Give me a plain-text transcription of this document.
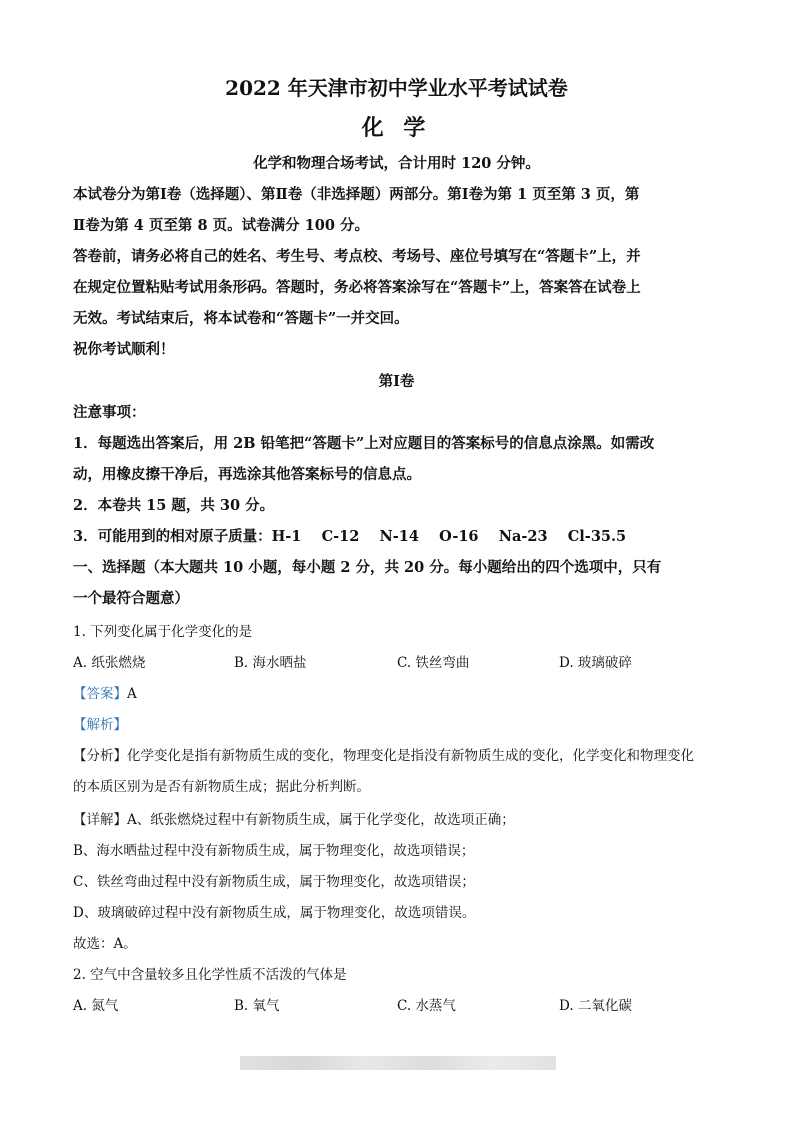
2022 年天津市初中学业水平考试试卷
化 学
化学和物理合场考试，合计用时 120 分钟。
本试卷分为第Ⅰ卷（选择题）、第Ⅱ卷（非选择题）两部分。第Ⅰ卷为第 1 页至第 3 页，第
Ⅱ卷为第 4 页至第 8 页。试卷满分 100 分。
答卷前，请务必将自己的姓名、考生号、考点校、考场号、座位号填写在“答题卡”上，并
在规定位置粘贴考试用条形码。答题时，务必将答案涂写在“答题卡”上，答案答在试卷上
无效。考试结束后，将本试卷和“答题卡”一并交回。
祝你考试顺利！
第Ⅰ卷
注意事项：
1．每题选出答案后，用 2B 铅笔把“答题卡”上对应题目的答案标号的信息点涂黑。如需改
动，用橡皮擦干净后，再选涂其他答案标号的信息点。
2．本卷共 15 题，共 30 分。
3．可能用到的相对原子质量：H-1    C-12    N-14    O-16    Na-23    Cl-35.5
一、选择题（本大题共 10 小题，每小题 2 分，共 20 分。每小题给出的四个选项中，只有
一个最符合题意）
1. 下列变化属于化学变化的是
A. 纸张燃烧	B. 海水晒盐	C. 铁丝弯曲	D. 玻璃破碎
【答案】A
【解析】
【分析】化学变化是指有新物质生成的变化，物理变化是指没有新物质生成的变化，化学变化和物理变化
的本质区别为是否有新物质生成；据此分析判断。
【详解】A、纸张燃烧过程中有新物质生成，属于化学变化，故选项正确；
B、海水晒盐过程中没有新物质生成，属于物理变化，故选项错误；
C、铁丝弯曲过程中没有新物质生成，属于物理变化，故选项错误；
D、玻璃破碎过程中没有新物质生成，属于物理变化，故选项错误。
故选：A。
2. 空气中含量较多且化学性质不活泼的气体是
A. 氮气	B. 氧气	C. 水蒸气	D. 二氧化碳
